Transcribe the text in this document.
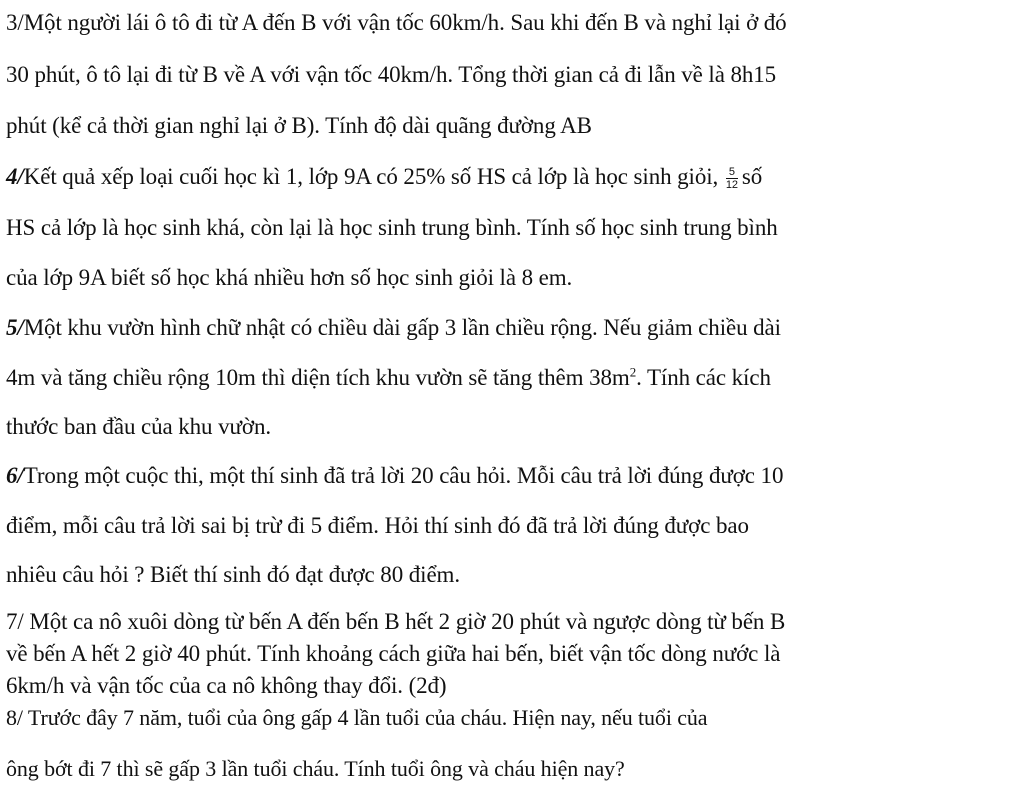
3/Một người lái ô tô đi từ A đến B với vận tốc 60km/h. Sau khi đến B và nghỉ lại ở đó
30 phút, ô tô lại đi từ B về A với vận tốc 40km/h. Tổng thời gian cả đi lẫn về là 8h15
phút (kể cả thời gian nghỉ lại ở B). Tính độ dài quãng đường AB
4/Kết quả xếp loại cuối học kì 1, lớp 9A có 25% số HS cả lớp là học sinh giỏi, $\frac{5}{12}$ số
HS cả lớp là học sinh khá, còn lại là học sinh trung bình. Tính số học sinh trung bình
của lớp 9A biết số học khá nhiều hơn số học sinh giỏi là 8 em.
5/Một khu vườn hình chữ nhật có chiều dài gấp 3 lần chiều rộng. Nếu giảm chiều dài
4m và tăng chiều rộng 10m thì diện tích khu vườn sẽ tăng thêm $38m^2$. Tính các kích
thước ban đầu của khu vườn.
6/Trong một cuộc thi, một thí sinh đã trả lời 20 câu hỏi. Mỗi câu trả lời đúng được 10
điểm, mỗi câu trả lời sai bị trừ đi 5 điểm. Hỏi thí sinh đó đã trả lời đúng được bao
nhiêu câu hỏi ? Biết thí sinh đó đạt được 80 điểm.
7/ Một ca nô xuôi dòng từ bến A đến bến B hết 2 giờ 20 phút và ngược dòng từ bến B
về bến A hết 2 giờ 40 phút. Tính khoảng cách giữa hai bến, biết vận tốc dòng nước là
6km/h và vận tốc của ca nô không thay đổi. (2đ)
8/ Trước đây 7 năm, tuổi của ông gấp 4 lần tuổi của cháu. Hiện nay, nếu tuổi của
ông bớt đi 7 thì sẽ gấp 3 lần tuổi cháu. Tính tuổi ông và cháu hiện nay?
